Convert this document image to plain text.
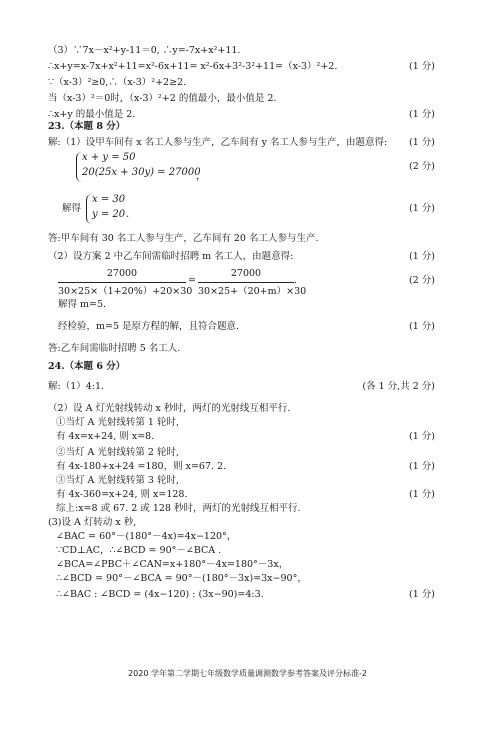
（3）∵7x－x²+y-11＝0, ∴y=-7x+x²+11.
∴x+y=x-7x+x²+11=x²-6x+11= x²-6x+3²-3²+11=（x-3）²+2.	(1 分)
∵（x-3）²≥0,∴（x-3）²+2≥2.
当（x-3）²＝0时，（x-3）²+2 的值最小，最小值是 2.
∴x+y 的最小值是 2.	(1 分)
23.（本题 8 分）
解:（1）设甲车间有 x 名工人参与生产，乙车间有 y 名工人参与生产，由题意得: (1 分)
x + y = 50
20(25x + 30y) = 27000
，
(2 分)
解得	(1 分)
x = 30
y = 20 .
答:甲车间有 30 名工人参与生产，乙车间有 20 名工人参与生产.
（2）设方案 2 中乙车间需临时招聘 m 名工人，由题意得:	(1 分)
27000
30×25×（1+20%）+20×30
=
27000
30×25+（20+m）×30
.	(2 分)
解得 m=5.
经检验，m=5 是原方程的解，且符合题意.	(1 分)
答:乙车间需临时招聘 5 名工人.
24.（本题 6 分）
解:（1）4:1.	(各 1 分,共 2 分)
（2）设 A 灯光射线转动 x 秒时，两灯的光射线互相平行.
①当灯 A 光射线转第 1 轮时,
有 4x=x+24, 则 x=8.	(1 分)
②当灯 A 光射线转第 2 轮时,
有 4x-180+x+24 =180，则 x=67. 2.	(1 分)
③当灯 A 光射线转第 3 轮时,
有 4x-360=x+24, 则 x=128.	(1 分)
综上:x=8 或 67. 2 或 128 秒时，两灯的光射线互相平行.
(3)设 A 灯转动 x 秒,
∠BAC = 60°－(180°－4x)=4x−120°，
∵CD⊥AC，∴∠BCD = 90°－∠BCA .
∠BCA=∠PBC＋∠CAN=x+180°－4x=180°－3x，
∴∠BCD = 90°－∠BCA = 90°－(180°－3x)=3x−90°，
∴∠BAC : ∠BCD = (4x−120) : (3x−90)=4:3.	(1 分)
2020 学年第二学期七年级数学质量调测数学参考答案及评分标准-2
